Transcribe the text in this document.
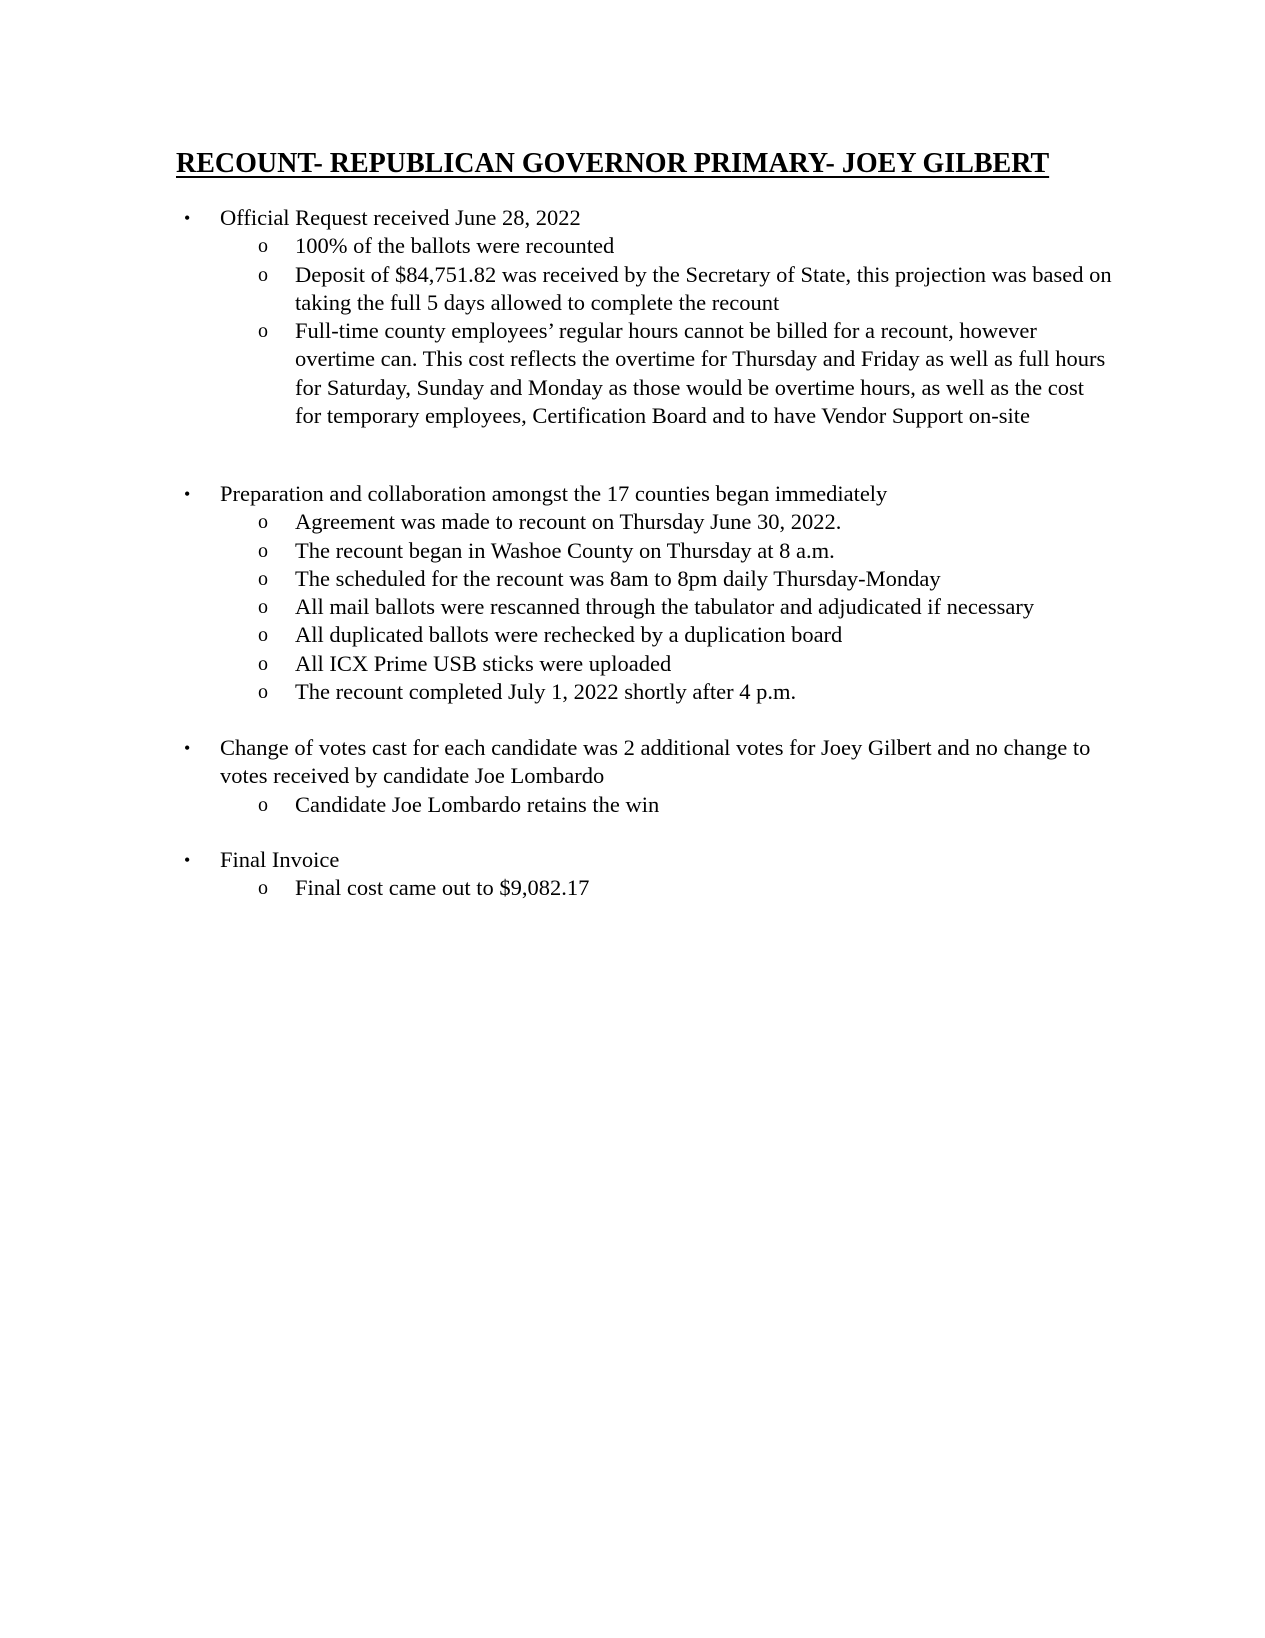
RECOUNT- REPUBLICAN GOVERNOR PRIMARY- JOEY GILBERT
•	Official Request received June 28, 2022
o 100% of the ballots were recounted
o Deposit of $84,751.82 was received by the Secretary of State, this projection was based on taking the full 5 days allowed to complete the recount
o Full-time county employees’ regular hours cannot be billed for a recount, however overtime can. This cost reflects the overtime for Thursday and Friday as well as full hours for Saturday, Sunday and Monday as those would be overtime hours, as well as the cost for temporary employees, Certification Board and to have Vendor Support on-site
•	Preparation and collaboration amongst the 17 counties began immediately
o Agreement was made to recount on Thursday June 30, 2022.
o The recount began in Washoe County on Thursday at 8 a.m.
o The scheduled for the recount was 8am to 8pm daily Thursday-Monday
o All mail ballots were rescanned through the tabulator and adjudicated if necessary
o All duplicated ballots were rechecked by a duplication board
o All ICX Prime USB sticks were uploaded
o The recount completed July 1, 2022 shortly after 4 p.m.
•	Change of votes cast for each candidate was 2 additional votes for Joey Gilbert and no change to votes received by candidate Joe Lombardo
o Candidate Joe Lombardo retains the win
•	Final Invoice
o Final cost came out to $9,082.17
